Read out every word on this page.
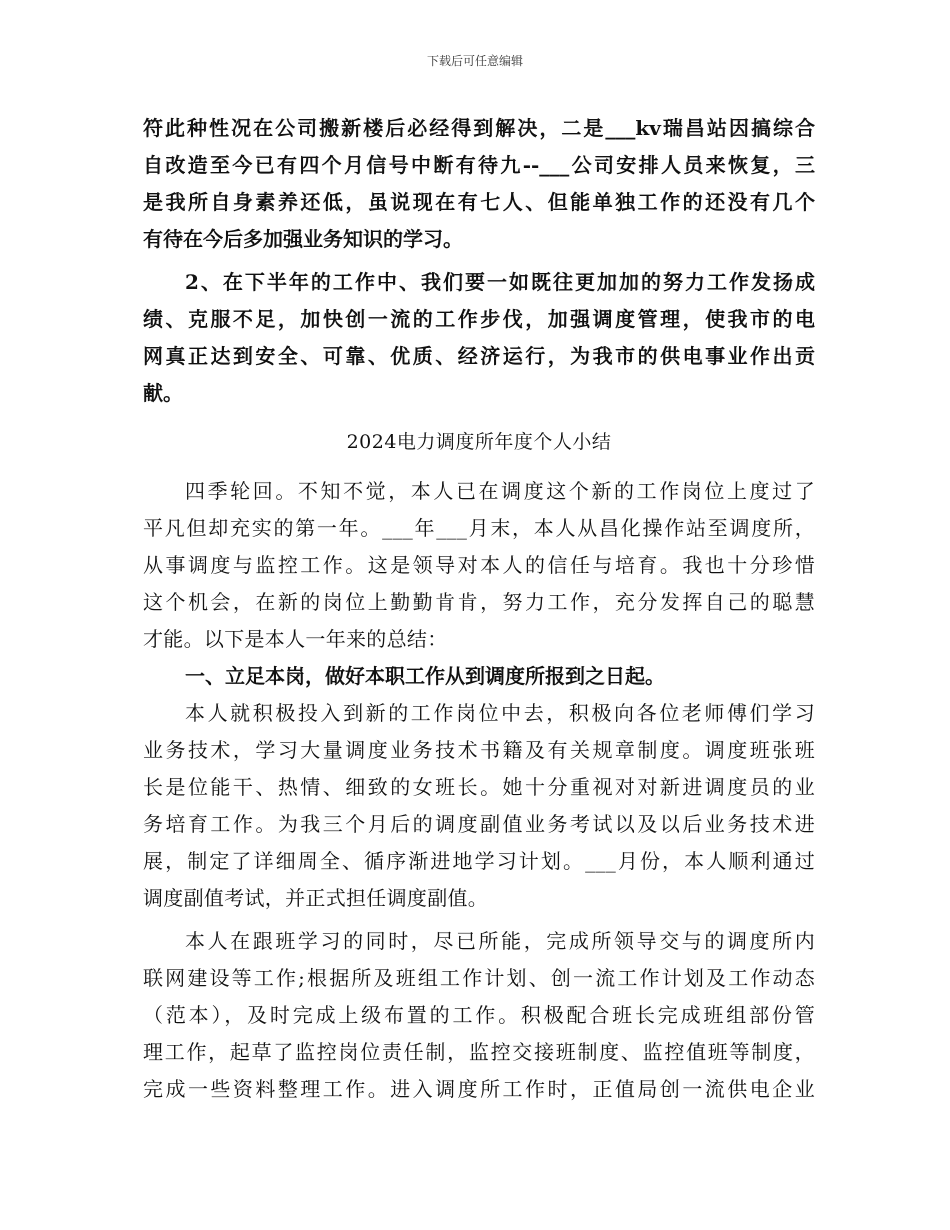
下载后可任意编辑
符此种性况在公司搬新楼后必经得到解决，二是___kv瑞昌站因搞综合
自改造至今已有四个月信号中断有待九--___公司安排人员来恢复，三
是我所自身素养还低，虽说现在有七人、但能单独工作的还没有几个
有待在今后多加强业务知识的学习。
2、在下半年的工作中、我们要一如既往更加加的努力工作发扬成
绩、克服不足，加快创一流的工作步伐，加强调度管理，使我市的电
网真正达到安全、可靠、优质、经济运行，为我市的供电事业作出贡
献。
2024电力调度所年度个人小结
四季轮回。不知不觉，本人已在调度这个新的工作岗位上度过了
平凡但却充实的第一年。___年___月末，本人从昌化操作站至调度所，
从事调度与监控工作。这是领导对本人的信任与培育。我也十分珍惜
这个机会，在新的岗位上勤勤肯肯，努力工作，充分发挥自己的聪慧
才能。以下是本人一年来的总结：
一、立足本岗，做好本职工作从到调度所报到之日起。
本人就积极投入到新的工作岗位中去，积极向各位老师傅们学习
业务技术，学习大量调度业务技术书籍及有关规章制度。调度班张班
长是位能干、热情、细致的女班长。她十分重视对对新进调度员的业
务培育工作。为我三个月后的调度副值业务考试以及以后业务技术进
展，制定了详细周全、循序渐进地学习计划。___月份，本人顺利通过
调度副值考试，并正式担任调度副值。
本人在跟班学习的同时，尽已所能，完成所领导交与的调度所内
联网建设等工作;根据所及班组工作计划、创一流工作计划及工作动态
（范本），及时完成上级布置的工作。积极配合班长完成班组部份管
理工作，起草了监控岗位责任制，监控交接班制度、监控值班等制度，
完成一些资料整理工作。进入调度所工作时，正值局创一流供电企业
